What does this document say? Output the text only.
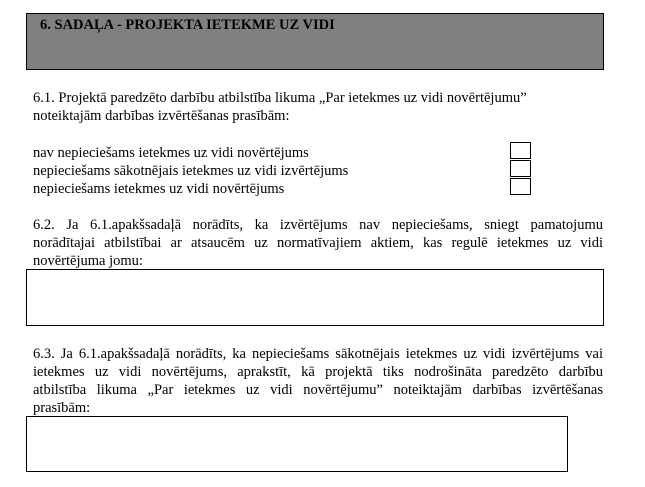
6. SADAĻA - PROJEKTA IETEKME UZ VIDI
6.1. Projektā paredzēto darbību atbilstība likuma „Par ietekmes uz vidi novērtējumu”
noteiktajām darbības izvērtēšanas prasībām:
nav nepieciešams ietekmes uz vidi novērtējums
nepieciešams sākotnējais ietekmes uz vidi izvērtējums
nepieciešams ietekmes uz vidi novērtējums
6.2. Ja 6.1.apakšsadaļā norādīts, ka izvērtējums nav nepieciešams, sniegt pamatojumu
norādītajai atbilstībai ar atsaucēm uz normatīvajiem aktiem, kas regulē ietekmes uz vidi
novērtējuma jomu:
6.3. Ja 6.1.apakšsadaļā norādīts, ka nepieciešams sākotnējais ietekmes uz vidi izvērtējums vai
ietekmes uz vidi novērtējums, aprakstīt, kā projektā tiks nodrošināta paredzēto darbību
atbilstība likuma „Par ietekmes uz vidi novērtējumu” noteiktajām darbības izvērtēšanas
prasībām:
